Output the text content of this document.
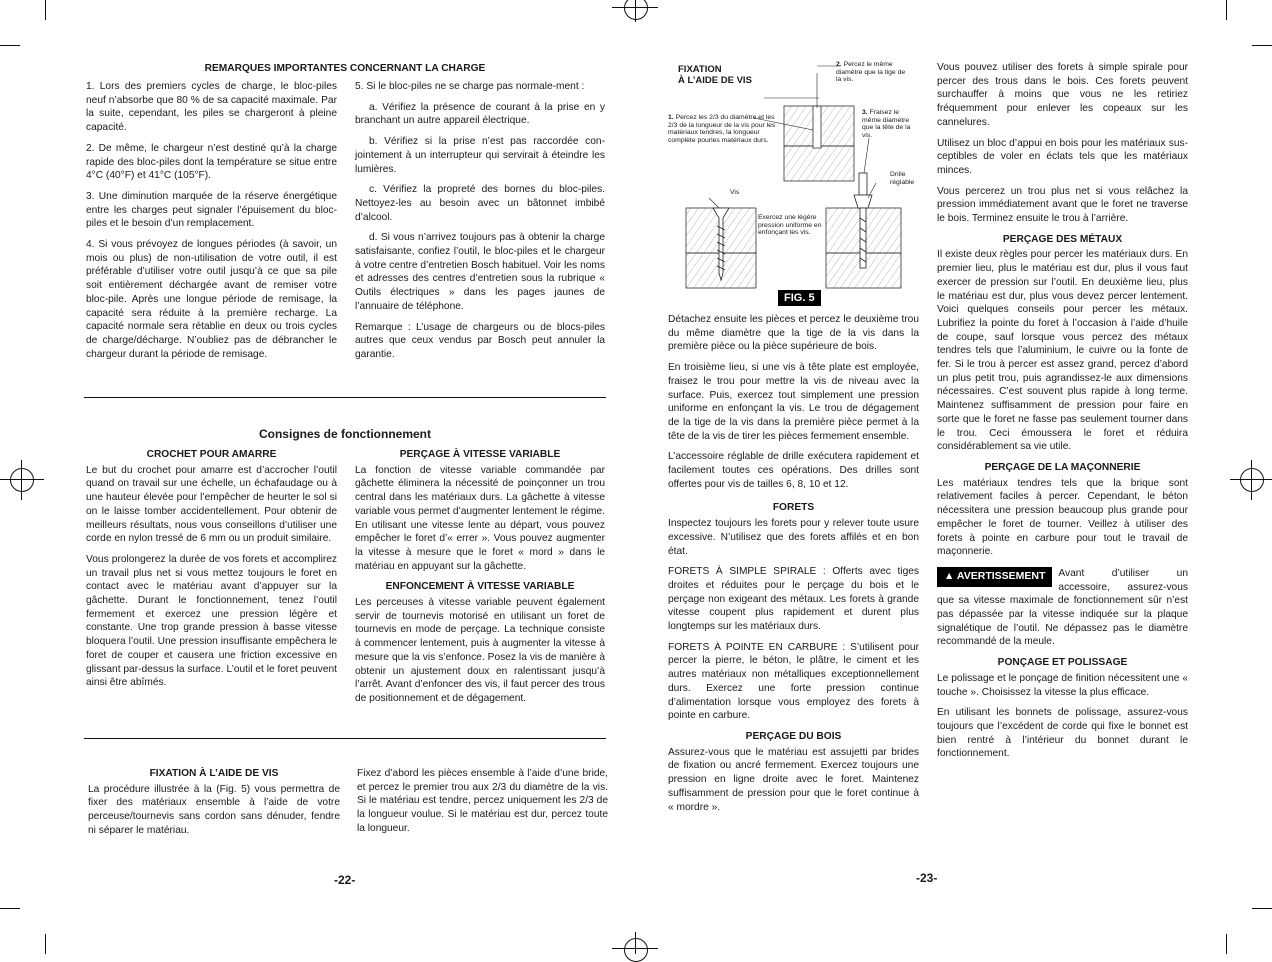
REMARQUES IMPORTANTES CONCERNANT LA CHARGE

1. Lors des premiers cycles de charge, le bloc-piles neuf n’absorbe que 80 % de sa capacité maximale. Par la suite, cependant, les piles se chargeront à pleine capacité.

2. De même, le chargeur n’est destiné qu’à la charge rapide des bloc-piles dont la température se situe entre 4°C (40°F) et 41°C (105°F).

3. Une diminution marquée de la réserve énergétique entre les charges peut signaler l’épuisement du bloc-piles et le besoin d’un remplacement.

4. Si vous prévoyez de longues périodes (à savoir, un mois ou plus) de non-utilisation de votre outil, il est préférable d’utiliser votre outil jusqu’à ce que sa pile soit entièrement déchargée avant de remiser votre bloc-pile. Après une longue période de remisage, la capacité sera réduite à la première recharge. La capacité normale sera rétablie en deux ou trois cycles de charge/décharge. N’oubliez pas de débrancher le chargeur durant la période de remisage.

5. Si le bloc-piles ne se charge pas normale-ment :

a. Vérifiez la présence de courant à la prise en y branchant un autre appareil électrique.

b. Vérifiez si la prise n’est pas raccordée con-jointement à un interrupteur qui servirait à éteindre les lumières.

c. Vérifiez la propreté des bornes du bloc-piles. Nettoyez-les au besoin avec un bâtonnet imbibé d’alcool.

d. Si vous n’arrivez toujours pas à obtenir la charge satisfaisante, confiez l’outil, le bloc-piles et le chargeur à votre centre d’entretien Bosch habituel. Voir les noms et adresses des centres d’entretien sous la rubrique « Outils électriques » dans les pages jaunes de l’annuaire de téléphone.

Remarque : L’usage de chargeurs ou de blocs-piles autres que ceux vendus par Bosch peut annuler la garantie.

Consignes de fonctionnement
CROCHET POUR AMARRE

Le but du crochet pour amarre est d’accrocher l’outil quand on travail sur une échelle, un échafaudage ou à une hauteur élevée pour l’empêcher de heurter le sol si on le laisse tomber accidentellement. Pour obtenir de meilleurs résultats, nous vous conseillons d’utiliser une corde en nylon tressé de 6 mm ou un produit similaire.

Vous prolongerez la durée de vos forets et accomplirez un travail plus net si vous mettez toujours le foret en contact avec le matériau avant d’appuyer sur la gâchette. Durant le fonctionnement, tenez l’outil fermement et exercez une pression légère et constante. Une trop grande pression à basse vitesse bloquera l’outil. Une pression insuffisante empêchera le foret de couper et causera une friction excessive en glissant par-dessus la surface. L’outil et le foret peuvent ainsi être abîmés.

PERÇAGE À VITESSE VARIABLE

La fonction de vitesse variable commandée par gâchette éliminera la nécessité de poinçonner un trou central dans les matériaux durs. La gâchette à vitesse variable vous permet d’augmenter lentement le régime. En utilisant une vitesse lente au départ, vous pouvez empêcher le foret d’« errer ». Vous pouvez augmenter la vitesse à mesure que le foret « mord » dans le matériau en appuyant sur la gâchette.

ENFONCEMENT À VITESSE VARIABLE

Les perceuses à vitesse variable peuvent également servir de tournevis motorisé en utilisant un foret de tournevis en mode de perçage. La technique consiste à commencer lentement, puis à augmenter la vitesse à mesure que la vis s’enfonce. Posez la vis de manière à obtenir un ajustement doux en ralentissant jusqu’à l’arrêt. Avant d’enfoncer des vis, il faut percer des trous de positionnement et de dégagement.

FIXATION À L’AIDE DE VIS

La procédure illustrée à la (Fig. 5) vous permettra de fixer des matériaux ensemble à l’aide de votre perceuse/tournevis sans cordon sans dénuder, fendre ni séparer le matériau.

Fixez d’abord les pièces ensemble à l’aide d’une bride, et percez le premier trou aux 2/3 du diamètre de la vis. Si le matériau est tendre, percez uniquement les 2/3 de la longueur voulue. Si le matériau est dur, percez toute la longueur.

-22-
FIXATION
À L’AIDE DE VIS
1. Percez les 2/3 du diamètre et les 2/3 de la longueur de la vis pour les matériaux tendres, la longueur complète pourles matériaux durs.
2. Percez le même diamètre que la tige de la vis.
3. Fraisez le même diamètre que la tête de la vis.
Drille réglable
Vis
Exercez une légère pression uniforme en enfonçant les vis.
FIG. 5

Détachez ensuite les pièces et percez le deuxième trou du même diamètre que la tige de la vis dans la première pièce ou la pièce supérieure de bois.

En troisième lieu, si une vis à tête plate est employée, fraisez le trou pour mettre la vis de niveau avec la surface. Puis, exercez tout simplement une pression uniforme en enfonçant la vis. Le trou de dégagement de la tige de la vis dans la première pièce permet à la tête de la vis de tirer les pièces fermement ensemble.

L’accessoire réglable de drille exécutera rapidement et facilement toutes ces opérations. Des drilles sont offertes pour vis de tailles 6, 8, 10 et 12.

FORETS

Inspectez toujours les forets pour y relever toute usure excessive. N’utilisez que des forets affilés et en bon état.

FORETS À SIMPLE SPIRALE : Offerts avec tiges droites et réduites pour le perçage du bois et le perçage non exigeant des métaux. Les forets à grande vitesse coupent plus rapidement et durent plus longtemps sur les matériaux durs.

FORETS À POINTE EN CARBURE : S’utilisent pour percer la pierre, le béton, le plâtre, le ciment et les autres matériaux non métalliques exceptionnellement durs. Exercez une forte pression continue d’alimentation lorsque vous employez des forets à pointe en carbure.

PERÇAGE DU BOIS

Assurez-vous que le matériau est assujetti par brides de fixation ou ancré fermement. Exercez toujours une pression en ligne droite avec le foret. Maintenez suffisamment de pression pour que le foret continue à « mordre ».

Vous pouvez utiliser des forets à simple spirale pour percer des trous dans le bois. Ces forets peuvent surchauffer à moins que vous ne les retiriez fréquemment pour enlever les copeaux sur les cannelures.

Utilisez un bloc d’appui en bois pour les matériaux sus-ceptibles de voler en éclats tels que les matériaux minces.

Vous percerez un trou plus net si vous relâchez la pression immédiatement avant que le foret ne traverse le bois. Terminez ensuite le trou à l’arrière.

PERÇAGE DES MÉTAUX

Il existe deux règles pour percer les matériaux durs. En premier lieu, plus le matériau est dur, plus il vous faut exercer de pression sur l’outil. En deuxième lieu, plus le matériau est dur, plus vous devez percer lentement. Voici quelques conseils pour percer les métaux. Lubrifiez la pointe du foret à l’occasion à l’aide d’huile de coupe, sauf lorsque vous percez des métaux tendres tels que l’aluminium, le cuivre ou la fonte de fer. Si le trou à percer est assez grand, percez d’abord un plus petit trou, puis agrandissez-le aux dimensions nécessaires. C’est souvent plus rapide à long terme. Maintenez suffisamment de pression pour faire en sorte que le foret ne fasse pas seulement tourner dans le trou. Ceci émoussera le foret et réduira considérablement sa vie utile.

PERÇAGE DE LA MAÇONNERIE

Les matériaux tendres tels que la brique sont relativement faciles à percer. Cependant, le béton nécessitera une pression beaucoup plus grande pour empêcher le foret de tourner. Veillez à utiliser des forets à pointe en carbure pour tout le travail de maçonnerie.

▲ AVERTISSEMENT	Avant d’utiliser un accessoire, assurez-vous que sa vitesse maximale de fonctionnement sûr n’est pas dépassée par la vitesse indiquée sur la plaque signalétique de l’outil. Ne dépassez pas le diamètre recommandé de la meule.

PONÇAGE ET POLISSAGE

Le polissage et le ponçage de finition nécessitent une « touche ». Choisissez la vitesse la plus efficace.

En utilisant les bonnets de polissage, assurez-vous toujours que l’excédent de corde qui fixe le bonnet est bien rentré à l’intérieur du bonnet durant le fonctionnement.

-23-
